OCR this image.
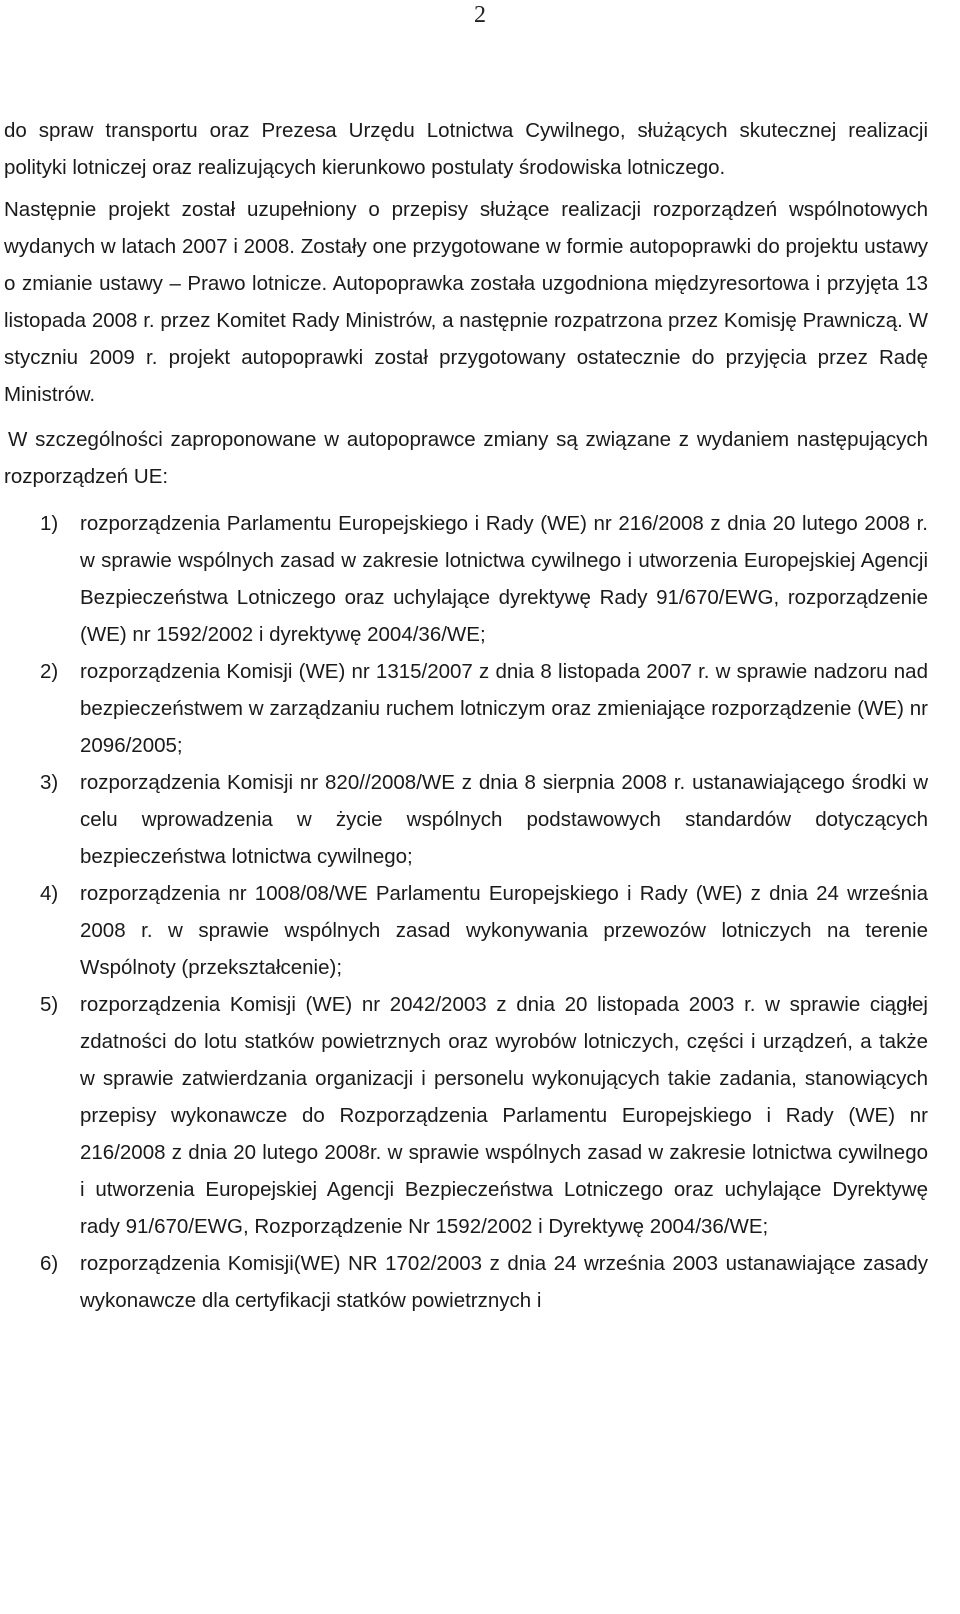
2

do spraw transportu oraz Prezesa Urzędu Lotnictwa Cywilnego, służących skutecznej realizacji polityki lotniczej oraz realizujących kierunkowo postulaty środowiska lotniczego.

Następnie projekt został uzupełniony o przepisy służące realizacji rozporządzeń wspólnotowych wydanych w latach 2007 i 2008. Zostały one przygotowane w formie autopoprawki do projektu ustawy o zmianie ustawy – Prawo lotnicze. Autopoprawka została uzgodniona międzyresortowa i przyjęta 13 listopada 2008 r. przez Komitet Rady Ministrów, a następnie rozpatrzona przez Komisję Prawniczą. W styczniu 2009 r. projekt autopoprawki został przygotowany ostatecznie do przyjęcia przez Radę Ministrów.

W szczególności zaproponowane w autopoprawce zmiany są związane z wydaniem następujących rozporządzeń UE:

1) rozporządzenia Parlamentu Europejskiego i Rady (WE) nr 216/2008 z dnia 20 lutego 2008 r. w sprawie wspólnych zasad w zakresie lotnictwa cywilnego i utworzenia Europejskiej Agencji Bezpieczeństwa Lotniczego oraz uchylające dyrektywę Rady 91/670/EWG, rozporządzenie (WE) nr 1592/2002 i dyrektywę 2004/36/WE;
2) rozporządzenia Komisji (WE) nr 1315/2007 z dnia 8 listopada 2007 r. w sprawie nadzoru nad bezpieczeństwem w zarządzaniu ruchem lotniczym oraz zmieniające rozporządzenie (WE) nr 2096/2005;
3) rozporządzenia Komisji nr 820//2008/WE z dnia 8 sierpnia 2008 r. ustanawiającego środki w celu wprowadzenia w życie wspólnych podstawowych standardów dotyczących bezpieczeństwa lotnictwa cywilnego;
4) rozporządzenia nr 1008/08/WE Parlamentu Europejskiego i Rady (WE) z dnia 24 września 2008 r. w sprawie wspólnych zasad wykonywania przewozów lotniczych na terenie Wspólnoty (przekształcenie);
5) rozporządzenia Komisji (WE) nr 2042/2003 z dnia 20 listopada 2003 r. w sprawie ciągłej zdatności do lotu statków powietrznych oraz wyrobów lotniczych, części i urządzeń, a także w sprawie zatwierdzania organizacji i personelu wykonujących takie zadania, stanowiących przepisy wykonawcze do Rozporządzenia Parlamentu Europejskiego i Rady (WE) nr 216/2008 z dnia 20 lutego 2008r. w sprawie wspólnych zasad w zakresie lotnictwa cywilnego i utworzenia Europejskiej Agencji Bezpieczeństwa Lotniczego oraz uchylające Dyrektywę rady 91/670/EWG, Rozporządzenie Nr 1592/2002 i Dyrektywę 2004/36/WE;
6) rozporządzenia Komisji(WE) NR 1702/2003 z dnia 24 września 2003 ustanawiające zasady wykonawcze dla certyfikacji statków powietrznych i
